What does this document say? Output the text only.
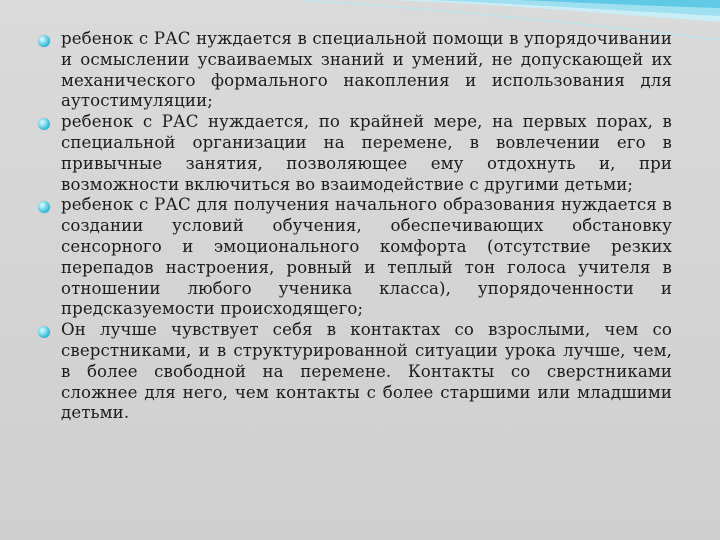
ребенок с РАС нуждается в специальной помощи в упорядочивании и осмыслении усваиваемых знаний и умений, не допускающей их механического формального накопления и использования для аутостимуляции;
ребенок с РАС нуждается, по крайней мере, на первых порах, в специальной организации на перемене, в вовлечении его в привычные занятия, позволяющее ему отдохнуть и, при возможности включиться во взаимодействие с другими детьми;
ребенок с РАС для получения начального образования нуждается в создании условий обучения, обеспечивающих обстановку сенсорного и эмоционального комфорта (отсутствие резких перепадов настроения, ровный и теплый тон голоса учителя в отношении любого ученика класса), упорядоченности и предсказуемости происходящего;
Он лучше чувствует себя в контактах со взрослыми, чем со сверстниками, и в структурированной ситуации урока лучше, чем, в более свободной на перемене. Контакты со сверстниками сложнее для него, чем контакты с более старшими или младшими детьми.
